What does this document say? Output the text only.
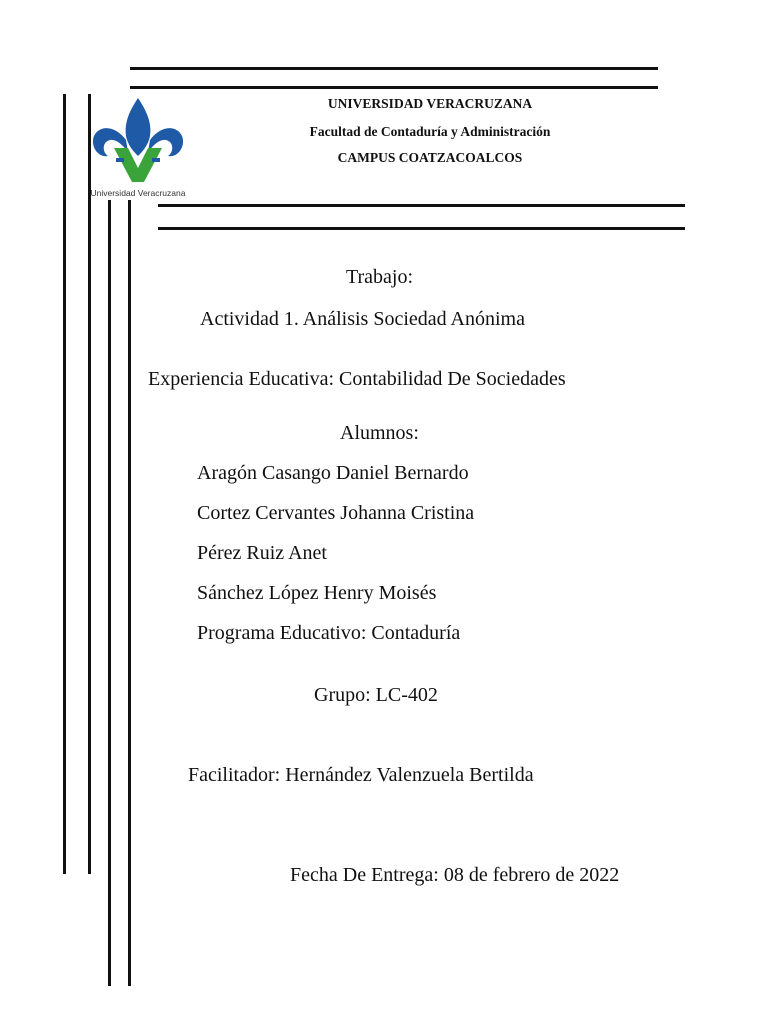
Universidad Veracruzana
UNIVERSIDAD VERACRUZANA
Facultad de Contaduría y Administración
CAMPUS COATZACOALCOS
Trabajo:
Actividad 1. Análisis Sociedad Anónima
Experiencia Educativa: Contabilidad De Sociedades
Alumnos:
Aragón Casango Daniel Bernardo
Cortez Cervantes Johanna Cristina
Pérez Ruiz Anet
Sánchez López Henry Moisés
Programa Educativo: Contaduría
Grupo: LC-402
Facilitador: Hernández Valenzuela Bertilda
Fecha De Entrega: 08 de febrero de 2022
